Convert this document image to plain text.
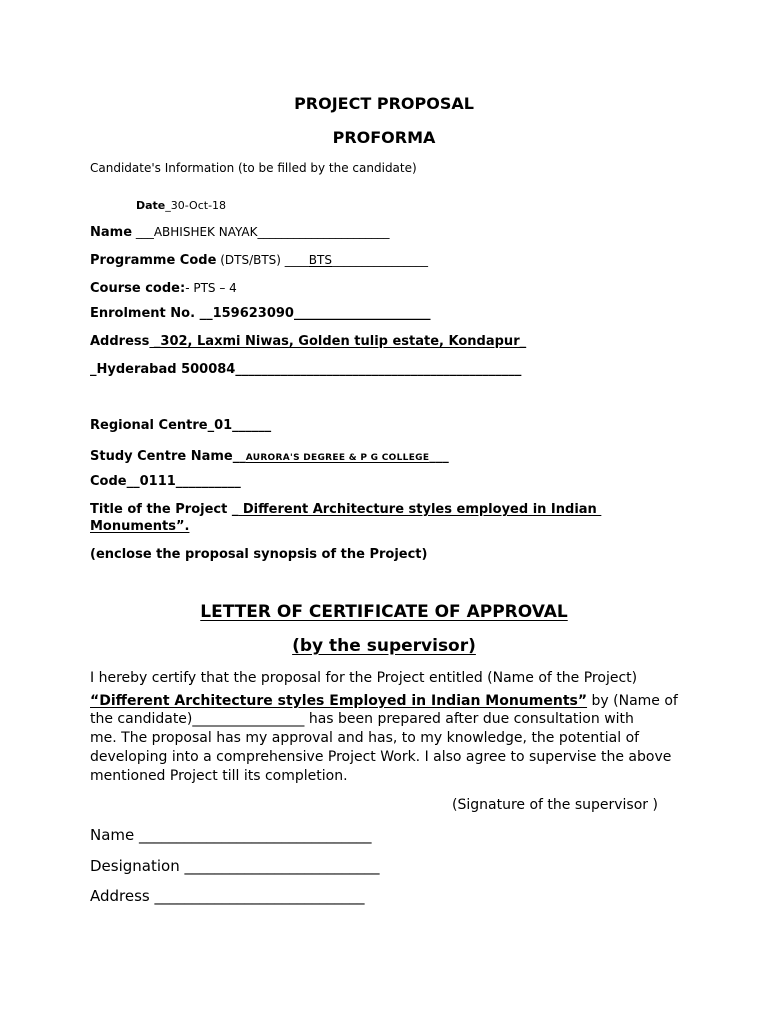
PROJECT PROPOSAL
PROFORMA
Candidate's Information (to be filled by the candidate)
Date_30-Oct-18
Name ___ABHISHEK NAYAK______________________
Programme Code (DTS/BTS) ____BTS________________
Course code:- PTS – 4
Enrolment No. __159623090_____________________
Address _302, Laxmi Niwas, Golden tulip estate, Kondapur_
_Hyderabad 500084____________________________________________
Regional Centre_01______
Study Centre Name__AURORA'S DEGREE & P G COLLEGE___
Code__0111__________
Title of the Project _ Different Architecture styles employed in Indian
Monuments”.
(enclose the proposal synopsis of the Project)
LETTER OF CERTIFICATE OF APPROVAL
(by the supervisor)
I hereby certify that the proposal for the Project entitled (Name of the Project)
“Different Architecture styles Employed in Indian Monuments” by (Name of
the candidate)________________ has been prepared after due consultation with
me. The proposal has my approval and has, to my knowledge, the potential of
developing into a comprehensive Project Work. I also agree to supervise the above
mentioned Project till its completion.
(Signature of the supervisor )
Name _______________________________
Designation __________________________
Address ____________________________
